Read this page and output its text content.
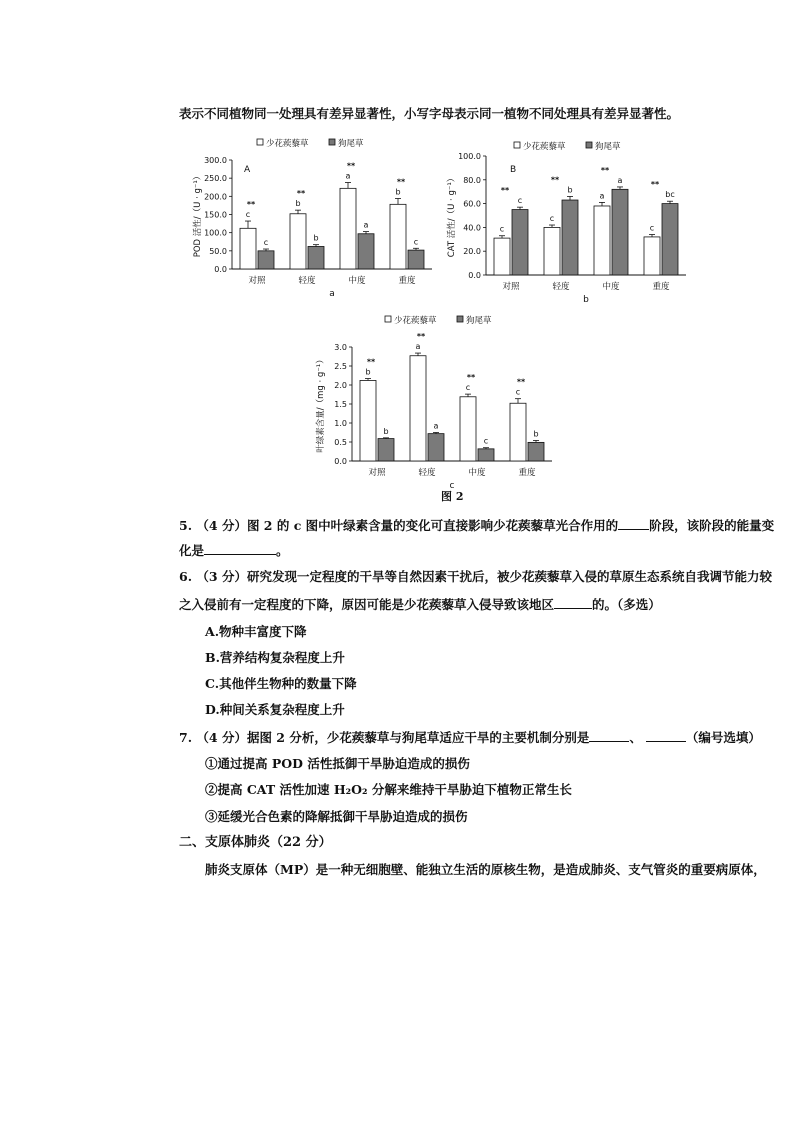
表示不同植物同一处理具有差异显著性，小写字母表示同一植物不同处理具有差异显著性。
少花蒺藜草	狗尾草
0.0
50.0
100.0
150.0
200.0
250.0
300.0
POD 活性/（U · g⁻¹）
A
对照
c
c
**
轻度
b
b
**
中度
a
a
**
重度
b
c
**
a
少花蒺藜草	狗尾草
0.0
20.0
40.0
60.0
80.0
100.0
CAT 活性/（U · g⁻¹）
B
对照
c
c
**
轻度
c
b
**
中度
a
a
**
重度
c
bc
**
b
少花蒺藜草	狗尾草
0.0
0.5
1.0
1.5
2.0
2.5
3.0
叶绿素含量/（mg · g⁻¹）
对照
b
b
**
轻度
a
a
**
中度
c
c
**
重度
c
b
**
c
图 2
5. （4 分）图 2 的 c 图中叶绿素含量的变化可直接影响少花蒺藜草光合作用的 阶段，该阶段的能量变
化是	。
6. （3 分）研究发现一定程度的干旱等自然因素干扰后，被少花蒺藜草入侵的草原生态系统自我调节能力较
之入侵前有一定程度的下降，原因可能是少花蒺藜草入侵导致该地区	的。（多选）
A.物种丰富度下降
B.营养结构复杂程度上升
C.其他伴生物种的数量下降
D.种间关系复杂程度上升
7. （4 分）据图 2 分析，少花蒺藜草与狗尾草适应干旱的主要机制分别是	、	（编号选填）
①通过提高 POD 活性抵御干旱胁迫造成的损伤
②提高 CAT 活性加速 H₂O₂ 分解来维持干旱胁迫下植物正常生长
③延缓光合色素的降解抵御干旱胁迫造成的损伤
二、支原体肺炎（22 分）
肺炎支原体（MP）是一种无细胞壁、能独立生活的原核生物，是造成肺炎、支气管炎的重要病原体，
